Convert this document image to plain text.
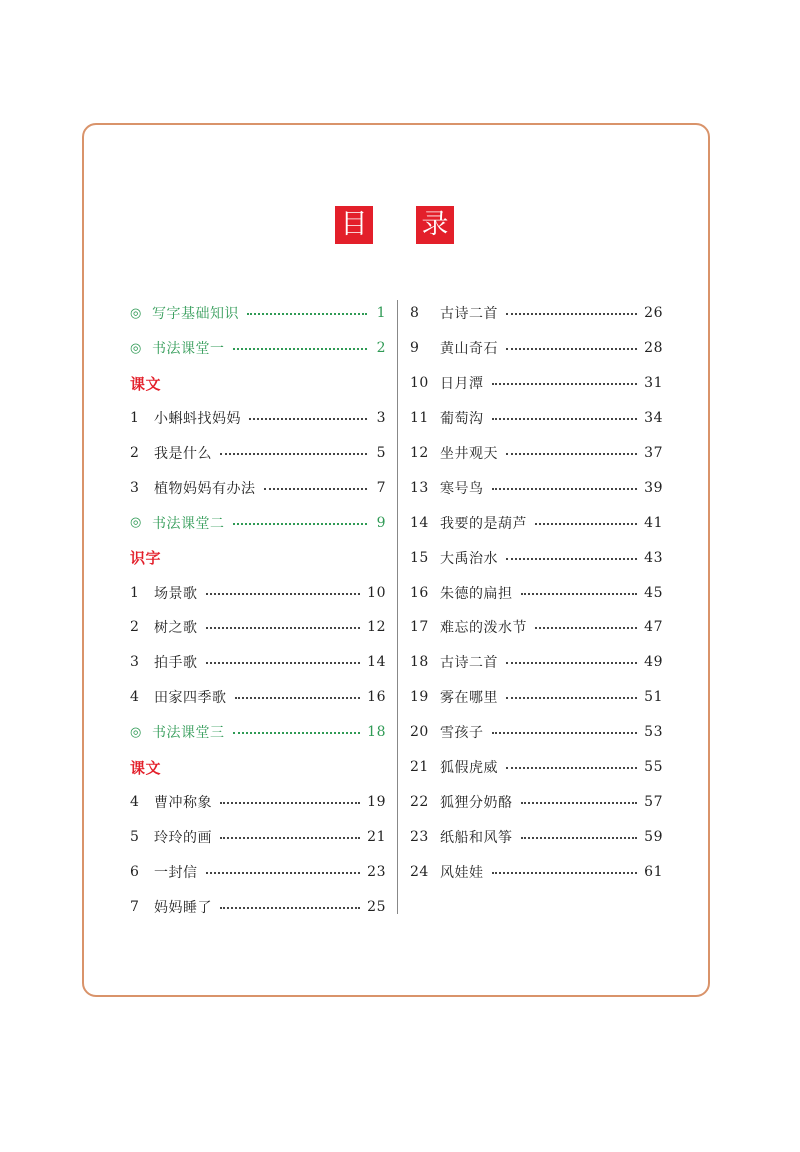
目 录
◎ 写字基础知识	1
◎ 书法课堂一	2
课文
1	小蝌蚪找妈妈	3
2	我是什么	5
3	植物妈妈有办法	7
◎ 书法课堂二	9
识字
1	场景歌	10
2	树之歌	12
3	拍手歌	14
4	田家四季歌	16
◎ 书法课堂三	18
课文
4	曹冲称象	19
5	玲玲的画	21
6	一封信	23
7	妈妈睡了	25
8	古诗二首	26
9	黄山奇石	28
10 日月潭	31
11 葡萄沟	34
12 坐井观天	37
13 寒号鸟	39
14 我要的是葫芦	41
15 大禹治水	43
16 朱德的扁担	45
17 难忘的泼水节	47
18 古诗二首	49
19 雾在哪里	51
20 雪孩子	53
21 狐假虎威	55
22 狐狸分奶酪	57
23 纸船和风筝	59
24 风娃娃	61
